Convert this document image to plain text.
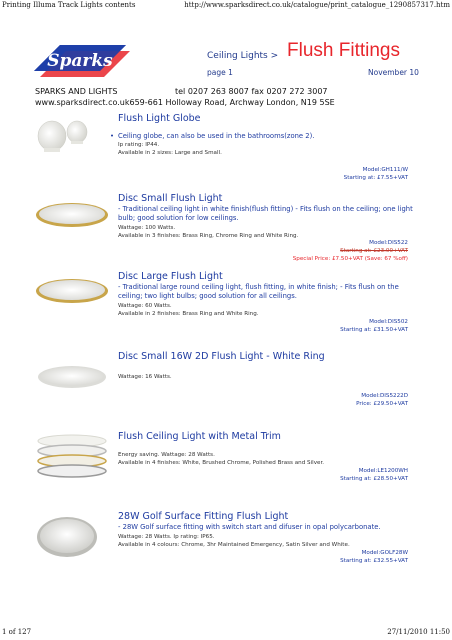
Printing Illuma Track Lights contents	http://www.sparksdirect.co.uk/catalogue/print_catalogue_1290857317.htm
Sparks	Ceiling Lights > Flush Fittings
page 1	November 10
SPARKS AND LIGHTS	tel 0207 263 8007 fax 0207 272 3007
www.sparksdirect.co.uk659-661 Holloway Road, Archway London, N19 5SE
Flush Light Globe
• Ceiling globe, can also be used in the bathrooms(zone 2).
Ip rating: IP44.
Available in 2 sizes: Large and Small.
Model:GH111/W
Starting at: £7.55+VAT
Disc Small Flush Light
- Traditional ceiling light in white finish(flush fitting) - Fits flush on the ceiling; one light bulb; good solution for low ceilings.
Wattage: 100 Watts.
Available in 3 finishes: Brass Ring, Chrome Ring and White Ring.
Model:DIS522
Starting at: £23.00+VAT
Special Price: £7.50+VAT (Save: 67 %off)
Disc Large Flush Light
- Traditional large round ceiling light, flush fitting, in white finish; - Fits flush on the ceiling; two light bulbs; good solution for all ceilings.
Wattage: 60 Watts.
Available in 2 finishes: Brass Ring and White Ring.
Model:DIS502
Starting at: £31.50+VAT
Disc Small 16W 2D Flush Light - White Ring
Wattage: 16 Watts.
Model:DIS5222D
Price: £29.50+VAT
Flush Ceiling Light with Metal Trim
Energy saving. Wattage: 28 Watts.
Available in 4 finishes: White, Brushed Chrome, Polished Brass and Silver.
Model:LE1200WH
Starting at: £28.50+VAT
28W Golf Surface Fitting Flush Light
- 28W Golf surface fitting with switch start and difuser in opal polycarbonate.
Wattage: 28 Watts. Ip rating: IP65.
Available in 4 colours: Chrome, 3hr Maintained Emergency, Satin Silver and White.
Model:GOLF28W
Starting at: £32.55+VAT
1 of 127	27/11/2010 11:50
